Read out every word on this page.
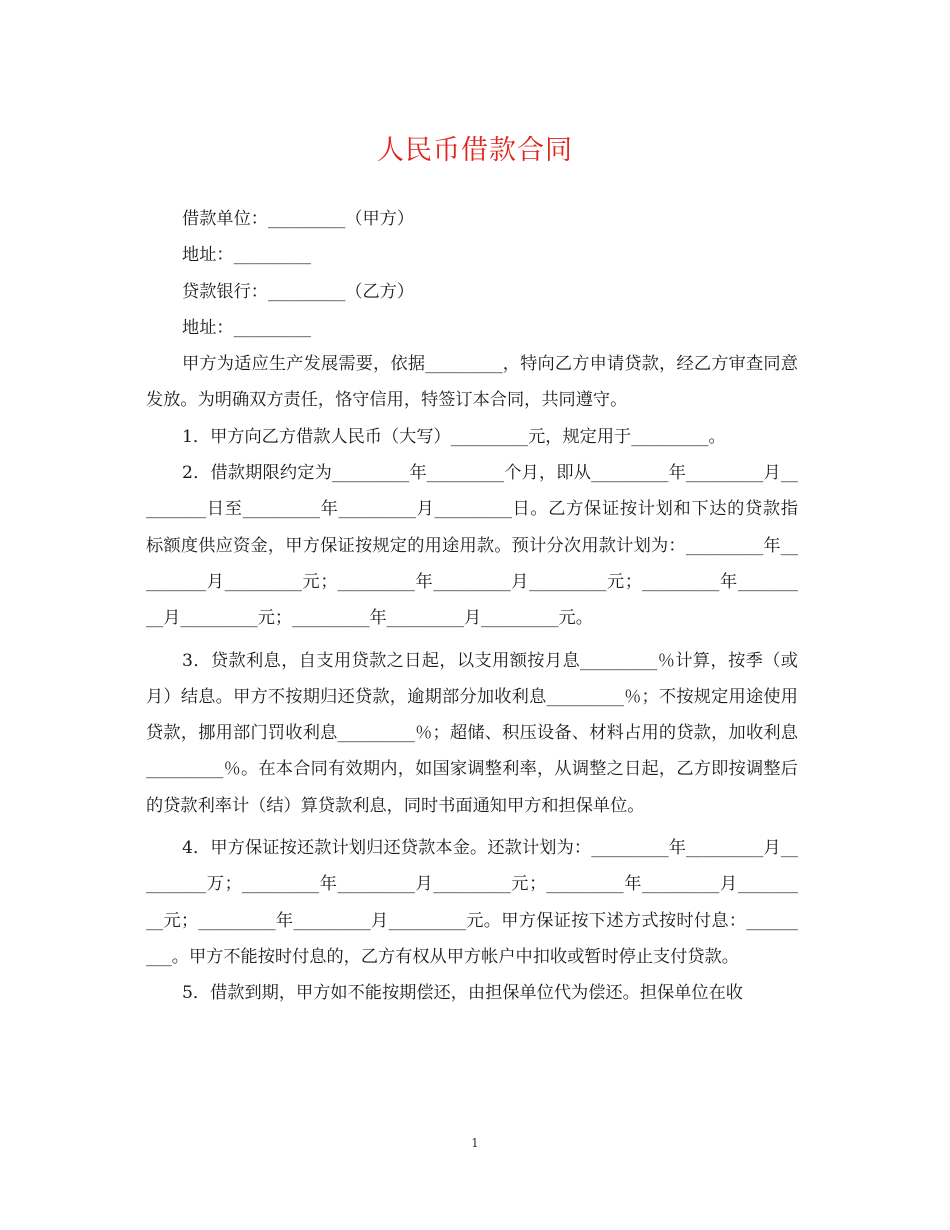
人民币借款合同

借款单位：_________（甲方）

地址：_________

贷款银行：_________（乙方）

地址：_________

甲方为适应生产发展需要，依据_________，特向乙方申请贷款，经乙方审查同意发放。为明确双方责任，恪守信用，特签订本合同，共同遵守。

1．甲方向乙方借款人民币（大写）_________元，规定用于_________。

2．借款期限约定为_________年_________个月，即从_________年_________月_________日至_________年_________月_________日。乙方保证按计划和下达的贷款指标额度供应资金，甲方保证按规定的用途用款。预计分次用款计划为：_________年_________月_________元；_________年_________月_________元；_________年_________月_________元；_________年_________月_________元。

3．贷款利息，自支用贷款之日起，以支用额按月息_________％计算，按季（或月）结息。甲方不按期归还贷款，逾期部分加收利息_________％；不按规定用途使用贷款，挪用部门罚收利息_________％；超储、积压设备、材料占用的贷款，加收利息_________％。在本合同有效期内，如国家调整利率，从调整之日起，乙方即按调整后的贷款利率计（结）算贷款利息，同时书面通知甲方和担保单位。

4．甲方保证按还款计划归还贷款本金。还款计划为：_________年_________月_________万；_________年_________月_________元；_________年_________月_________元；_________年_________月_________元。甲方保证按下述方式按时付息：_________。甲方不能按时付息的，乙方有权从甲方帐户中扣收或暂时停止支付贷款。

5．借款到期，甲方如不能按期偿还，由担保单位代为偿还。担保单位在收

1
